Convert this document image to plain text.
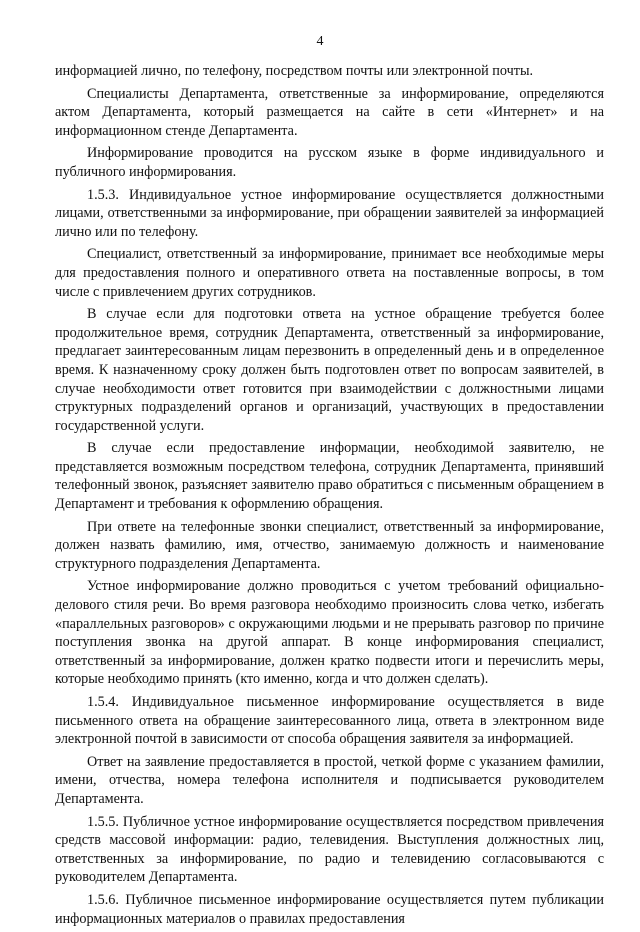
4

информацией лично, по телефону, посредством почты или электронной почты.

Специалисты Департамента, ответственные за информирование, определяются актом Департамента, который размещается на сайте в сети «Интернет» и на информационном стенде Департамента.

Информирование проводится на русском языке в форме индивидуального и публичного информирования.

1.5.3. Индивидуальное устное информирование осуществляется должностными лицами, ответственными за информирование, при обращении заявителей за информацией лично или по телефону.

Специалист, ответственный за информирование, принимает все необходимые меры для предоставления полного и оперативного ответа на поставленные вопросы, в том числе с привлечением других сотрудников.

В случае если для подготовки ответа на устное обращение требуется более продолжительное время, сотрудник Департамента, ответственный за информирование, предлагает заинтересованным лицам перезвонить в определенный день и в определенное время. К назначенному сроку должен быть подготовлен ответ по вопросам заявителей, в случае необходимости ответ готовится при взаимодействии с должностными лицами структурных подразделений органов и организаций, участвующих в предоставлении государственной услуги.

В случае если предоставление информации, необходимой заявителю, не представляется возможным посредством телефона, сотрудник Департамента, принявший телефонный звонок, разъясняет заявителю право обратиться с письменным обращением в Департамент и требования к оформлению обращения.

При ответе на телефонные звонки специалист, ответственный за информирование, должен назвать фамилию, имя, отчество, занимаемую должность и наименование структурного подразделения Департамента.

Устное информирование должно проводиться с учетом требований официально-делового стиля речи. Во время разговора необходимо произносить слова четко, избегать «параллельных разговоров» с окружающими людьми и не прерывать разговор по причине поступления звонка на другой аппарат. В конце информирования специалист, ответственный за информирование, должен кратко подвести итоги и перечислить меры, которые необходимо принять (кто именно, когда и что должен сделать).

1.5.4. Индивидуальное письменное информирование осуществляется в виде письменного ответа на обращение заинтересованного лица, ответа в электронном виде электронной почтой в зависимости от способа обращения заявителя за информацией.

Ответ на заявление предоставляется в простой, четкой форме с указанием фамилии, имени, отчества, номера телефона исполнителя и подписывается руководителем Департамента.

1.5.5. Публичное устное информирование осуществляется посредством привлечения средств массовой информации: радио, телевидения. Выступления должностных лиц, ответственных за информирование, по радио и телевидению согласовываются с руководителем Департамента.

1.5.6. Публичное письменное информирование осуществляется путем публикации информационных материалов о правилах предоставления
